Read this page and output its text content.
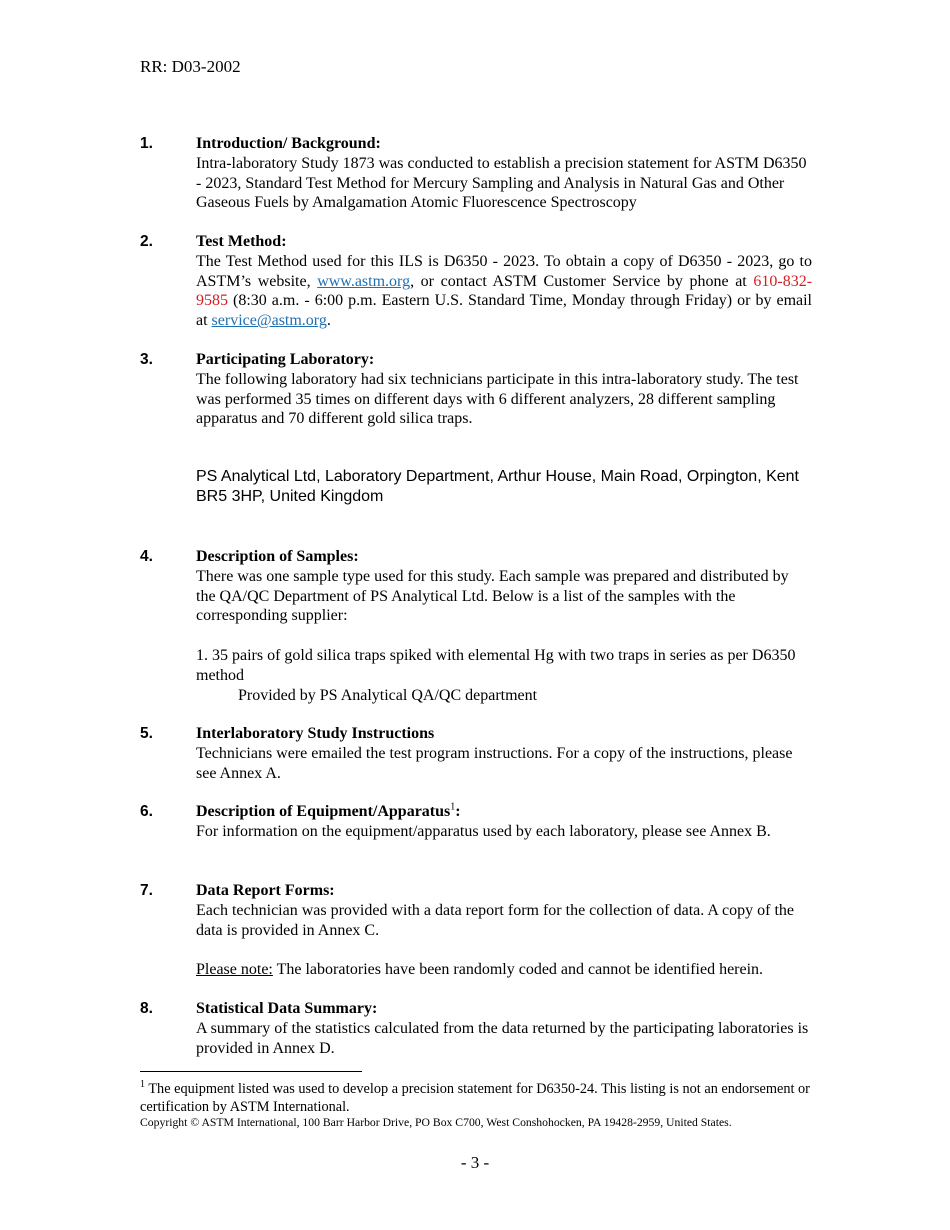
RR: D03-2002
1.	Introduction/ Background:
Intra-laboratory Study 1873 was conducted to establish a precision statement for ASTM D6350 - 2023, Standard Test Method for Mercury Sampling and Analysis in Natural Gas and Other Gaseous Fuels by Amalgamation Atomic Fluorescence Spectroscopy
2.	Test Method:
The Test Method used for this ILS is D6350 - 2023. To obtain a copy of D6350 - 2023, go to ASTM’s website, www.astm.org, or contact ASTM Customer Service by phone at 610-832-9585 (8:30 a.m. - 6:00 p.m. Eastern U.S. Standard Time, Monday through Friday) or by email at service@astm.org.
3.	Participating Laboratory:
The following laboratory had six technicians participate in this intra-laboratory study. The test was performed 35 times on different days with 6 different analyzers, 28 different sampling apparatus and 70 different gold silica traps.
PS Analytical Ltd, Laboratory Department, Arthur House, Main Road, Orpington, Kent BR5 3HP, United Kingdom
4.	Description of Samples:
There was one sample type used for this study. Each sample was prepared and distributed by the QA/QC Department of PS Analytical Ltd. Below is a list of the samples with the corresponding supplier:
1. 35 pairs of gold silica traps spiked with elemental Hg with two traps in series as per D6350 method
Provided by PS Analytical QA/QC department
5.	Interlaboratory Study Instructions
Technicians were emailed the test program instructions. For a copy of the instructions, please see Annex A.
6.	Description of Equipment/Apparatus$^1$:
For information on the equipment/apparatus used by each laboratory, please see Annex B.
7.	Data Report Forms:
Each technician was provided with a data report form for the collection of data. A copy of the data is provided in Annex C.
Please note: The laboratories have been randomly coded and cannot be identified herein.
8.	Statistical Data Summary:
A summary of the statistics calculated from the data returned by the participating laboratories is provided in Annex D.
$^1$ The equipment listed was used to develop a precision statement for D6350-24. This listing is not an endorsement or certification by ASTM International.
Copyright © ASTM International, 100 Barr Harbor Drive, PO Box C700, West Conshohocken, PA 19428-2959, United States.
- 3 -
